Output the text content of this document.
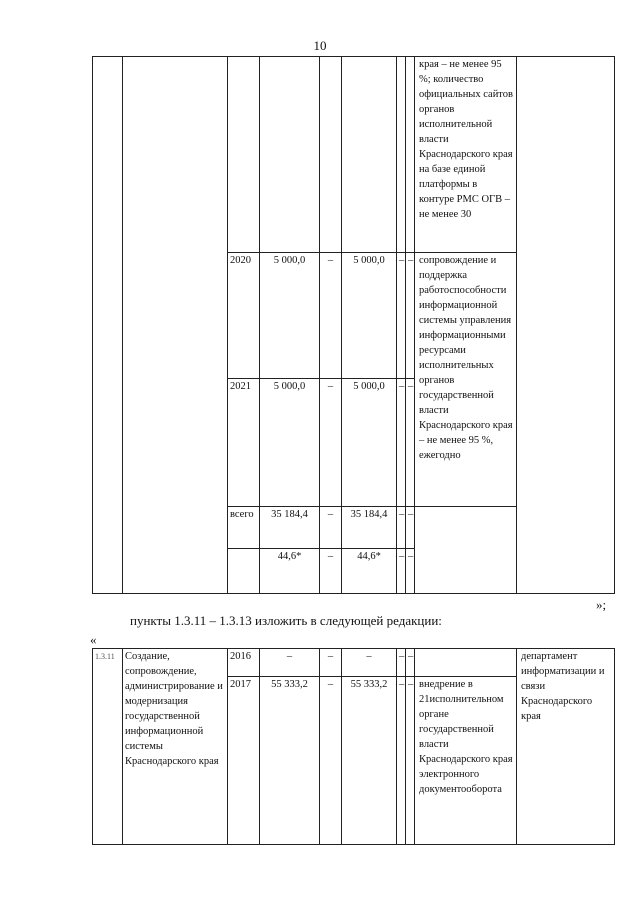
10
								края – не менее 95 %; количество официальных сайтов органов исполнительной власти Краснодарского края на базе единой платформы в контуре РМС ОГВ – не менее 30	
		2020	5 000,0	–	5 000,0	–	–	сопровождение и поддержка работоспособности информационной системы управления информационными ресурсами исполнительных органов государственной власти Краснодарского края – не менее 95 %, ежегодно	
		2021	5 000,0	–	5 000,0	–	–		
		всего	35 184,4	–	35 184,4	–	–		
			44,6*	–	44,6*	–	–		
»;
пункты 1.3.11 – 1.3.13 изложить в следующей редакции:
«
1.3.11	Создание, сопровождение, администрирование и модернизация государственной информационной системы Краснодарского края	2016	–	–	–	–	–		департамент информатизации и связи Краснодарского края
		2017	55 333,2	–	55 333,2	–	–	внедрение в 21исполнительном органе государственной власти Краснодарского края электронного документооборота	
